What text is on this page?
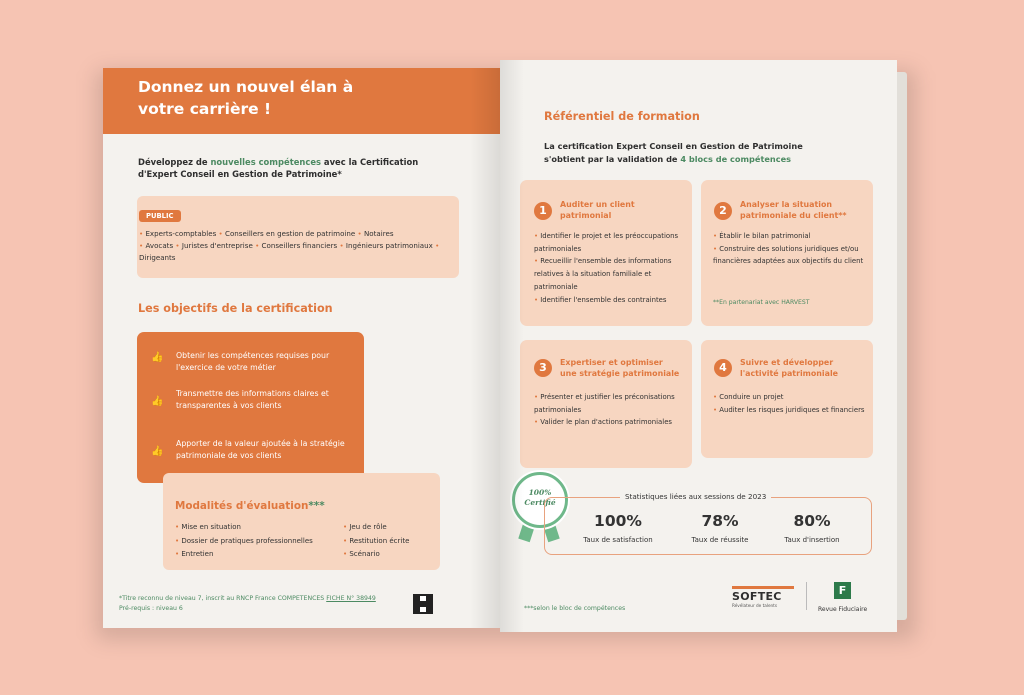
Donnez un nouvel élan à votre carrière !
Développez de nouvelles compétences avec la Certification d'Expert Conseil en Gestion de Patrimoine*
PUBLIC
• Experts-comptables • Conseillers en gestion de patrimoine • Notaires
• Avocats • Juristes d'entreprise • Conseillers financiers • Ingénieurs patrimoniaux • Dirigeants
Les objectifs de la certification
👍 Obtenir les compétences requises pour l'exercice de votre métier
👍
Transmettre des informations claires et transparentes à vos clients
👍
Apporter de la valeur ajoutée à la stratégie patrimoniale de vos clients
Modalités d'évaluation***
• Mise en situation
• Dossier de pratiques professionnelles
• Entretien
• Jeu de rôle
• Restitution écrite
• Scénario
*Titre reconnu de niveau 7, inscrit au RNCP France COMPETENCES FICHE N° 38949
Pré-requis : niveau 6
Référentiel de formation
La certification Expert Conseil en Gestion de Patrimoine s'obtient par la validation de 4 blocs de compétences
1	Auditer un client patrimonial
• Identifier le projet et les préoccupations patrimoniales
• Recueillir l'ensemble des informations relatives à la situation familiale et patrimoniale
• Identifier l'ensemble des contraintes
2	Analyser la situation patrimoniale du client**
• Établir le bilan patrimonial
• Construire des solutions juridiques et/ou financières adaptées aux objectifs du client
**En partenariat avec HARVEST
3	Expertiser et optimiser une stratégie patrimoniale
• Présenter et justifier les préconisations patrimoniales
• Valider le plan d'actions patrimoniales
4	Suivre et développer l'activité patrimoniale
• Conduire un projet
• Auditer les risques juridiques et financiers
100%
Certifié
Statistiques liées aux sessions de 2023
100%
Taux de satisfaction
78%
Taux de réussite
80%
Taux d'insertion
***selon le bloc de compétences
SOFTEC
Révélateur de talents
F
Revue Fiduciaire
